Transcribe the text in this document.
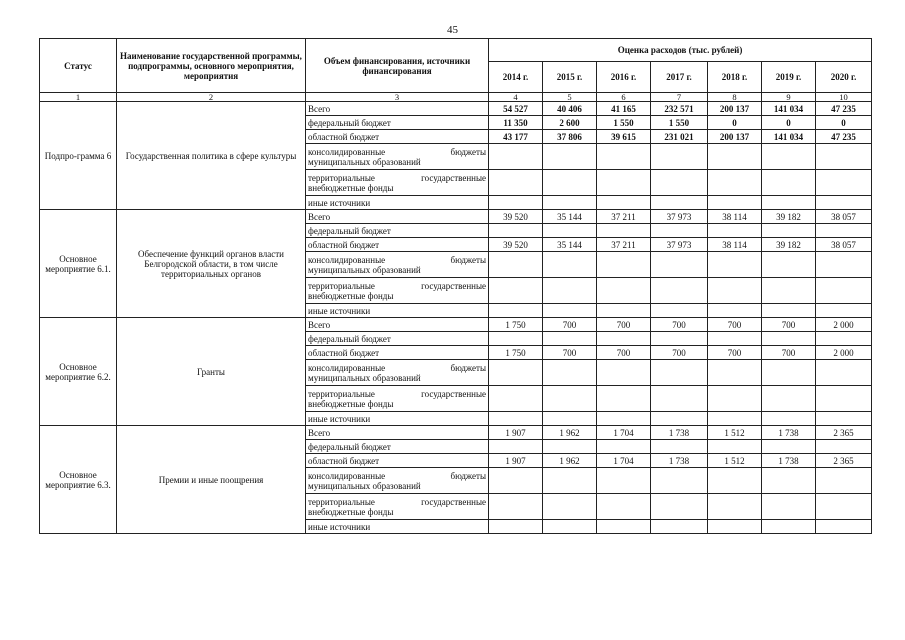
45
Статус	Наименование государственной программы, подпрограммы, основного мероприятия, мероприятия	Объем финансирования, источники финансирования	Оценка расходов (тыс. рублей)						
			2014 г.	2015 г.	2016 г.	2017 г.	2018 г.	2019 г.	2020 г.
1	2	3	4	5	6	7	8	9	10
Подпро-грамма 6	Государственная политика в сфере культуры	Всего	54 527	40 406	41 165	232 571	200 137	141 034	47 235
		федеральный бюджет	11 350	2 600	1 550	1 550	0	0	0
		областной бюджет	43 177	37 806	39 615	231 021	200 137	141 034	47 235

		консолидированные бюджеты
муниципальных образований							

		территориальные государственные
внебюджетные фонды							
		иные источники							
Основное мероприятие 6.1.	Обеспечение функций органов власти Белгородской области, в том числе территориальных органов	Всего	39 520	35 144	37 211	37 973	38 114	39 182	38 057
		федеральный бюджет							
		областной бюджет	39 520	35 144	37 211	37 973	38 114	39 182	38 057

		консолидированные бюджеты
муниципальных образований							

		территориальные государственные
внебюджетные фонды							
		иные источники							
Основное мероприятие 6.2.	Гранты	Всего	1 750	700	700	700	700	700	2 000
		федеральный бюджет							
		областной бюджет	1 750	700	700	700	700	700	2 000

		консолидированные бюджеты
муниципальных образований							

		территориальные государственные
внебюджетные фонды							
		иные источники							
Основное мероприятие 6.3.	Премии и иные поощрения	Всего	1 907	1 962	1 704	1 738	1 512	1 738	2 365
		федеральный бюджет							
		областной бюджет	1 907	1 962	1 704	1 738	1 512	1 738	2 365

		консолидированные бюджеты
муниципальных образований							

		территориальные государственные
внебюджетные фонды							
		иные источники							
